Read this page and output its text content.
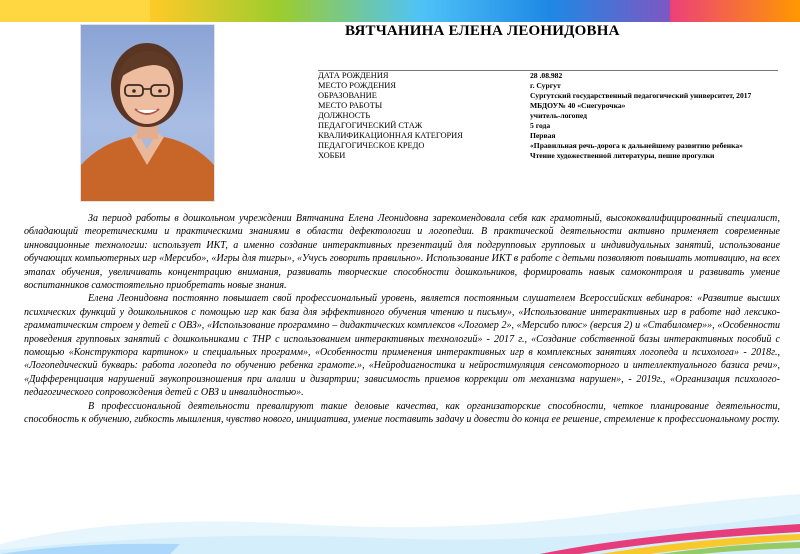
ВЯТЧАНИНА ЕЛЕНА ЛЕОНИДОВНА
ДАТА РОЖДЕНИЯ	28 .08.982
МЕСТО РОЖДЕНИЯ	г. Сургут
ОБРАЗОВАНИЕ	Сургутский государственный педагогический университет, 2017
МЕСТО РАБОТЫ	МБДОУ№ 40 «Снегурочка»
ДОЛЖНОСТЬ	учитель-логопед
ПЕДАГОГИЧЕСКИЙ СТАЖ	5 года
КВАЛИФИКАЦИОННАЯ КАТЕГОРИЯ	Первая
ПЕДАГОГИЧЕСКОЕ КРЕДО	«Правильная речь-дорога к дальнейшему развитию ребенка»
ХОББИ	Чтение художественной литературы, пешие прогулки

За период работы в дошкольном учреждении Вятчанина Елена Леонидовна зарекомендовала себя как грамотный, высококвалифицированный специалист, обладающий теоретическими и практическими знаниями в области дефектологии и логопедии. В практической деятельности активно применяет современные инновационные технологии: использует ИКТ, а именно создание интерактивных презентаций для подгрупповых групповых и индивидуальных занятий, использование обучающих компьютерных игр «Мерсибо», «Игры для тигры», «Учусь говорить правильно». Использование ИКТ в работе с детьми позволяют повышать мотивацию, на всех этапах обучения, увеличивать концентрацию внимания, развивать творческие способности дошкольников, формировать навык самоконтроля и развивать умение воспитанников самостоятельно приобретать новые знания.

Елена Леонидовна постоянно повышает свой профессиональный уровень, является постоянным слушателем Всероссийских вебинаров: «Развитие высших психических функций у дошкольников с помощью игр как база для эффективного обучения чтению и письму», «Использование интерактивных игр в работе над лексико-грамматическим строем у детей с ОВЗ», «Использование программно – дидактических комплексов «Логомер 2», «Мерсибо плюс» (версия 2) и «Стабиломер»», «Особенности проведения групповых занятий с дошкольниками с ТНР с использованием интерактивных технологий» - 2017 г., «Создание собственной базы интерактивных пособий с помощью «Конструктора картинок» и специальных программ», «Особенности применения интерактивных игр в комплексных занятиях логопеда и психолога» - 2018г., «Логопедический букварь: работа логопеда по обучению ребенка грамоте.», «Нейродиагностика и нейростимуляция сенсомоторного и интеллектуального базиса речи», «Дифференциация нарушений звукопроизношения при алалии и дизартрии; зависимость приемов коррекции от механизма нарушен», - 2019г., «Организация психолого-педагогического сопровождения детей с ОВЗ и инвалидностью».

В профессиональной деятельности превалируют такие деловые качества, как организаторские способности, четкое планирование деятельности, способность к обучению, гибкость мышления, чувство нового, инициатива, умение поставить задачу и довести до конца ее решение, стремление к профессиональному росту.
